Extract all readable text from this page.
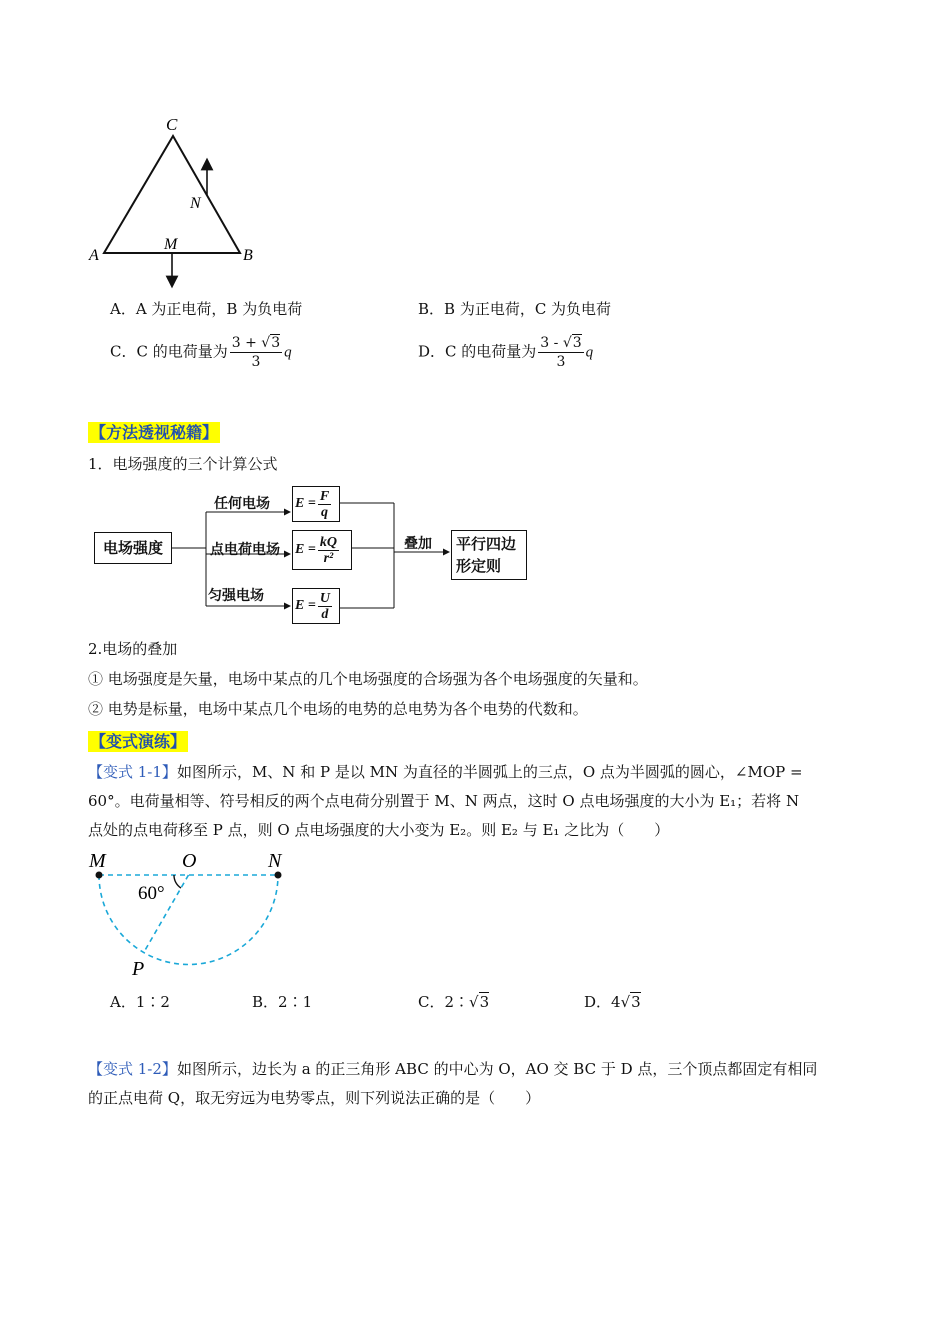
C
N
M
A	B
A．A 为正电荷，B 为负电荷	B．B 为正电荷，C 为负电荷
C．C 的电荷量为 $\frac{3 + √3}{3}$ q	D．C 的电荷量为 $\frac{3 - √3}{3}$ q
【方法透视秘籍】
1．电场强度的三个计算公式
电场强度
任何电场
点电荷电场
匀强电场
$E = \frac{F}{q}$
$E = \frac{kQ}{\text{r²}}$
$E = \frac{U}{d}$
叠加 平行四边
形定则
2.电场的叠加
① 电场强度是矢量，电场中某点的几个电场强度的合场强为各个电场强度的矢量和。
② 电势是标量，电场中某点几个电场的电势的总电势为各个电势的代数和。
【变式演练】
【变式 1-1】如图所示，M、N 和 P 是以 MN 为直径的半圆弧上的三点，O 点为半圆弧的圆心，∠MOP =
60°。电荷量相等、符号相反的两个点电荷分别置于 M、N 两点，这时 O 点电场强度的大小为 E₁；若将 N
点处的点电荷移至 P 点，则 O 点电场强度的大小变为 E₂。则 E₂ 与 E₁ 之比为（　　）
M	O	N
P
60°
A．1∶2	B．2∶1	C．2∶√3	D．4√3
【变式 1-2】如图所示，边长为 a 的正三角形 ABC 的中心为 O，AO 交 BC 于 D 点，三个顶点都固定有相同
的正点电荷 Q，取无穷远为电势零点，则下列说法正确的是（　　）
